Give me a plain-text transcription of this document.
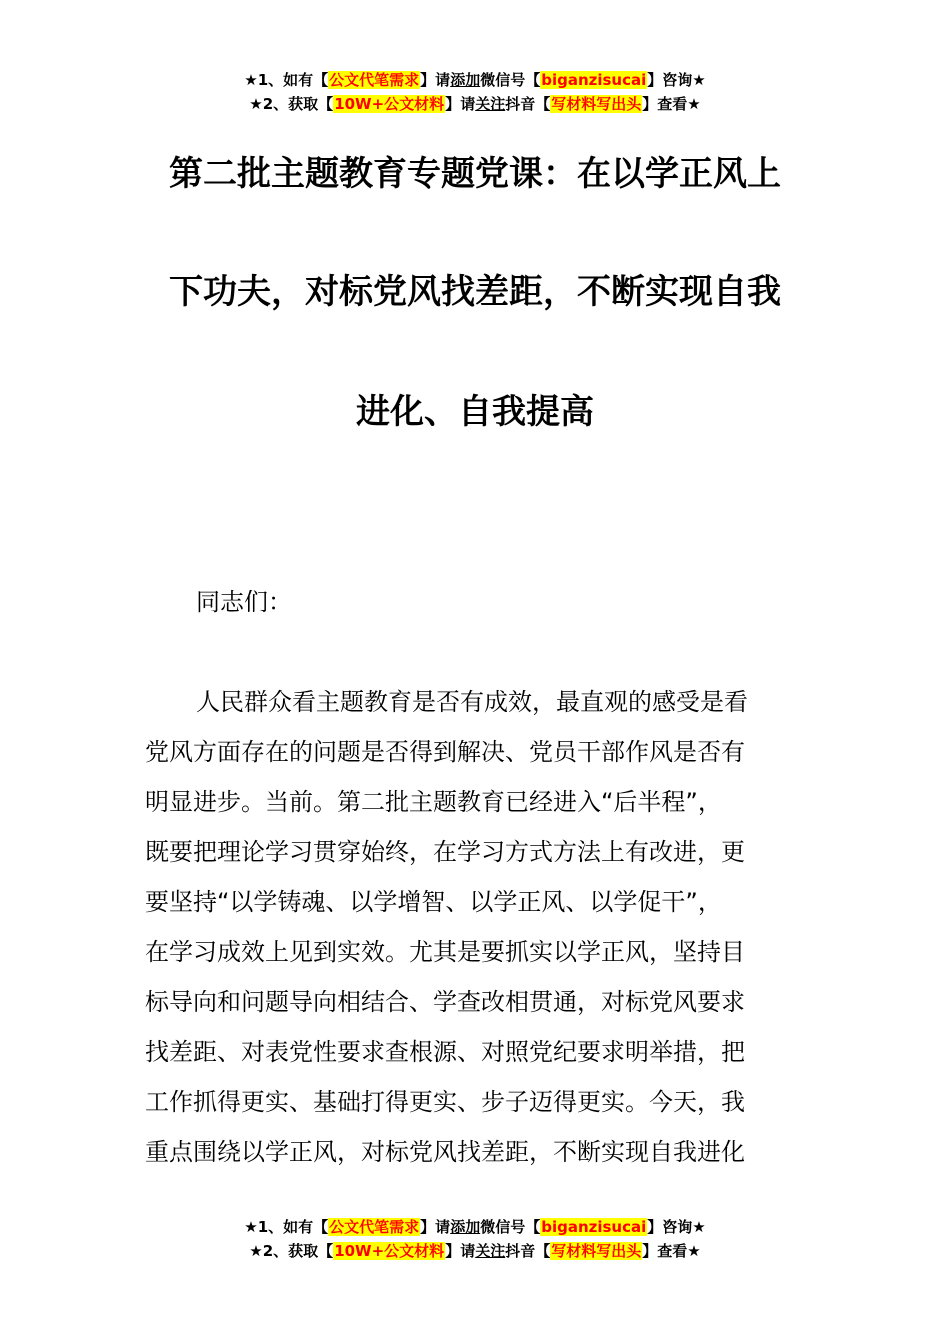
★1、如有【公文代笔需求】请添加微信号【biganzisucai】咨询★
★2、获取【10W+公文材料】请关注抖音【写材料写出头】查看★
第二批主题教育专题党课：在以学正风上
下功夫，对标党风找差距，不断实现自我
进化、自我提高
同志们：
人民群众看主题教育是否有成效，最直观的感受是看
党风方面存在的问题是否得到解决、党员干部作风是否有
明显进步。当前。第二批主题教育已经进入“后半程”，
既要把理论学习贯穿始终，在学习方式方法上有改进，更
要坚持“以学铸魂、以学增智、以学正风、以学促干”，
在学习成效上见到实效。尤其是要抓实以学正风，坚持目
标导向和问题导向相结合、学查改相贯通，对标党风要求
找差距、对表党性要求查根源、对照党纪要求明举措，把
工作抓得更实、基础打得更实、步子迈得更实。今天，我
重点围绕以学正风，对标党风找差距，不断实现自我进化
★1、如有【公文代笔需求】请添加微信号【biganzisucai】咨询★
★2、获取【10W+公文材料】请关注抖音【写材料写出头】查看★
